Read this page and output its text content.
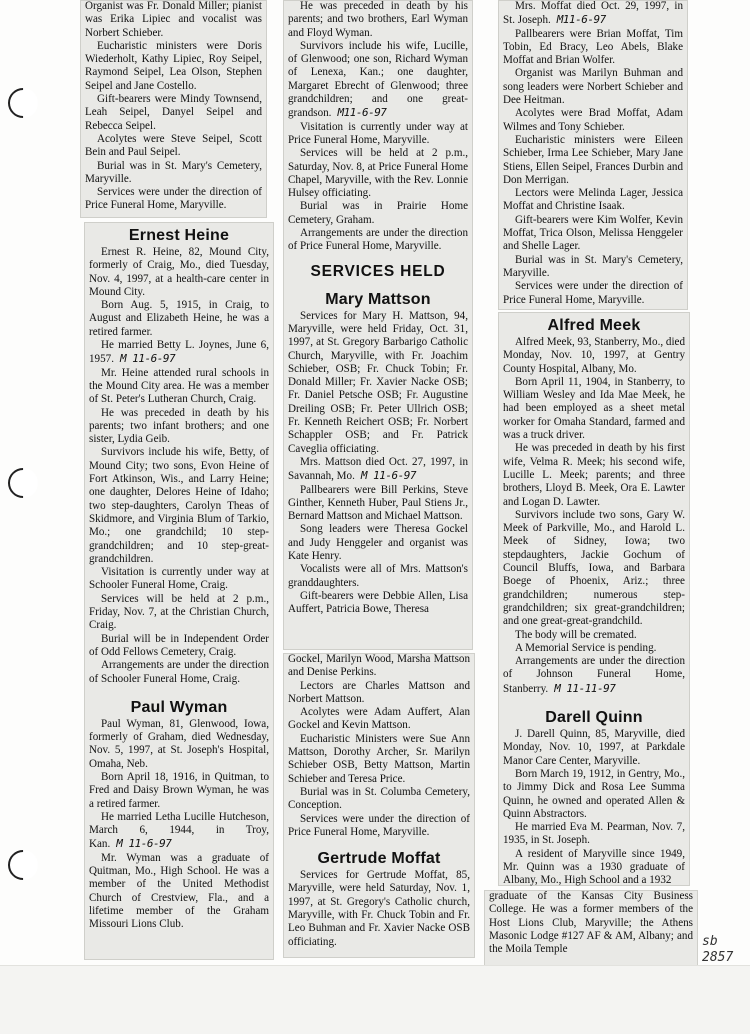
Organist was Fr. Donald Miller; pianist was Erika Lipiec and vocalist was Norbert Schieber.

Eucharistic ministers were Doris Wiederholt, Kathy Lipiec, Roy Seipel, Raymond Seipel, Lea Olson, Stephen Seipel and Jane Costello.

Gift-bearers were Mindy Townsend, Leah Seipel, Danyel Seipel and Rebecca Seipel.

Acolytes were Steve Seipel, Scott Bein and Paul Seipel.

Burial was in St. Mary's Cemetery, Maryville.

Services were under the direction of Price Funeral Home, Maryville.

Ernest Heine

Ernest R. Heine, 82, Mound City, formerly of Craig, Mo., died Tuesday, Nov. 4, 1997, at a health-care center in Mound City.

Born Aug. 5, 1915, in Craig, to August and Elizabeth Heine, he was a retired farmer.

He married Betty L. Joynes, June 6, 1957. M 11-6-97

Mr. Heine attended rural schools in the Mound City area. He was a member of St. Peter's Lutheran Church, Craig.

He was preceded in death by his parents; two infant brothers; and one sister, Lydia Geib.

Survivors include his wife, Betty, of Mound City; two sons, Evon Heine of Fort Atkinson, Wis., and Larry Heine; one daughter, Delores Heine of Idaho; two step-daughters, Carolyn Theas of Skidmore, and Virginia Blum of Tarkio, Mo.; one grandchild; 10 step-grandchildren; and 10 step-great-grandchildren.

Visitation is currently under way at Schooler Funeral Home, Craig.

Services will be held at 2 p.m., Friday, Nov. 7, at the Christian Church, Craig.

Burial will be in Independent Order of Odd Fellows Cemetery, Craig.

Arrangements are under the direction of Schooler Funeral Home, Craig.

Paul Wyman

Paul Wyman, 81, Glenwood, Iowa, formerly of Graham, died Wednesday, Nov. 5, 1997, at St. Joseph's Hospital, Omaha, Neb.

Born April 18, 1916, in Quitman, to Fred and Daisy Brown Wyman, he was a retired farmer.

He married Letha Lucille Hutcheson, March 6, 1944, in Troy, Kan. M 11-6-97

Mr. Wyman was a graduate of Quitman, Mo., High School. He was a member of the United Methodist Church of Crestview, Fla., and a lifetime member of the Graham Missouri Lions Club.

He was preceded in death by his parents; and two brothers, Earl Wyman and Floyd Wyman.

Survivors include his wife, Lucille, of Glenwood; one son, Richard Wyman of Lenexa, Kan.; one daughter, Margaret Ebrecht of Glenwood; three grandchildren; and one great-grandson. M11-6-97

Visitation is currently under way at Price Funeral Home, Maryville.

Services will be held at 2 p.m., Saturday, Nov. 8, at Price Funeral Home Chapel, Maryville, with the Rev. Lonnie Hulsey officiating.

Burial was in Prairie Home Cemetery, Graham.

Arrangements are under the direction of Price Funeral Home, Maryville.

SERVICES HELD
Mary Mattson

Services for Mary H. Mattson, 94, Maryville, were held Friday, Oct. 31, 1997, at St. Gregory Barbarigo Catholic Church, Maryville, with Fr. Joachim Schieber, OSB; Fr. Chuck Tobin; Fr. Donald Miller; Fr. Xavier Nacke OSB; Fr. Daniel Petsche OSB; Fr. Augustine Dreiling OSB; Fr. Peter Ullrich OSB; Fr. Kenneth Reichert OSB; Fr. Norbert Schappler OSB; and Fr. Patrick Caveglia officiating.

Mrs. Mattson died Oct. 27, 1997, in Savannah, Mo. M 11-6-97

Pallbearers were Bill Perkins, Steve Ginther, Kenneth Huber, Paul Stiens Jr., Bernard Mattson and Michael Mattson.

Song leaders were Theresa Gockel and Judy Henggeler and organist was Kate Henry.

Vocalists were all of Mrs. Mattson's granddaughters.

Gift-bearers were Debbie Allen, Lisa Auffert, Patricia Bowe, Theresa

Gockel, Marilyn Wood, Marsha Mattson and Denise Perkins.

Lectors are Charles Mattson and Norbert Mattson.

Acolytes were Adam Auffert, Alan Gockel and Kevin Mattson.

Eucharistic Ministers were Sue Ann Mattson, Dorothy Archer, Sr. Marilyn Schieber OSB, Betty Mattson, Martin Schieber and Teresa Price.

Burial was in St. Columba Cemetery, Conception.

Services were under the direction of Price Funeral Home, Maryville.

Gertrude Moffat

Services for Gertrude Moffat, 85, Maryville, were held Saturday, Nov. 1, 1997, at St. Gregory's Catholic church, Maryville, with Fr. Chuck Tobin and Fr. Leo Buhman and Fr. Xavier Nacke OSB officiating.

Mrs. Moffat died Oct. 29, 1997, in St. Joseph. M11-6-97

Pallbearers were Brian Moffat, Tim Tobin, Ed Bracy, Leo Abels, Blake Moffat and Brian Wolfer.

Organist was Marilyn Buhman and song leaders were Norbert Schieber and Dee Heitman.

Acolytes were Brad Moffat, Adam Wilmes and Tony Schieber.

Eucharistic ministers were Eileen Schieber, Irma Lee Schieber, Mary Jane Stiens, Ellen Seipel, Frances Durbin and Don Merrigan.

Lectors were Melinda Lager, Jessica Moffat and Christine Isaak.

Gift-bearers were Kim Wolfer, Kevin Moffat, Trica Olson, Melissa Henggeler and Shelle Lager.

Burial was in St. Mary's Cemetery, Maryville.

Services were under the direction of Price Funeral Home, Maryville.

Alfred Meek

Alfred Meek, 93, Stanberry, Mo., died Monday, Nov. 10, 1997, at Gentry County Hospital, Albany, Mo.

Born April 11, 1904, in Stanberry, to William Wesley and Ida Mae Meek, he had been employed as a sheet metal worker for Omaha Standard, farmed and was a truck driver.

He was preceded in death by his first wife, Velma R. Meek; his second wife, Lucille L. Meek; parents; and three brothers, Lloyd B. Meek, Ora E. Lawter and Logan D. Lawter.

Survivors include two sons, Gary W. Meek of Parkville, Mo., and Harold L. Meek of Sidney, Iowa; two stepdaughters, Jackie Gochum of Council Bluffs, Iowa, and Barbara Boege of Phoenix, Ariz.; three grandchildren; numerous step-grandchildren; six great-grandchildren; and one great-great-grandchild.

The body will be cremated.

A Memorial Service is pending.

Arrangements are under the direction of Johnson Funeral Home, Stanberry. M 11-11-97

Darell Quinn

J. Darell Quinn, 85, Maryville, died Monday, Nov. 10, 1997, at Parkdale Manor Care Center, Maryville.

Born March 19, 1912, in Gentry, Mo., to Jimmy Dick and Rosa Lee Summa Quinn, he owned and operated Allen & Quinn Abstractors.

He married Eva M. Pearman, Nov. 7, 1935, in St. Joseph.

A resident of Maryville since 1949, Mr. Quinn was a 1930 graduate of Albany, Mo., High School and a 1932

graduate of the Kansas City Business College. He was a former members of the Host Lions Club, Maryville; the Athens Masonic Lodge #127 AF & AM, Albany; and the Moila Temple

sb
2857
